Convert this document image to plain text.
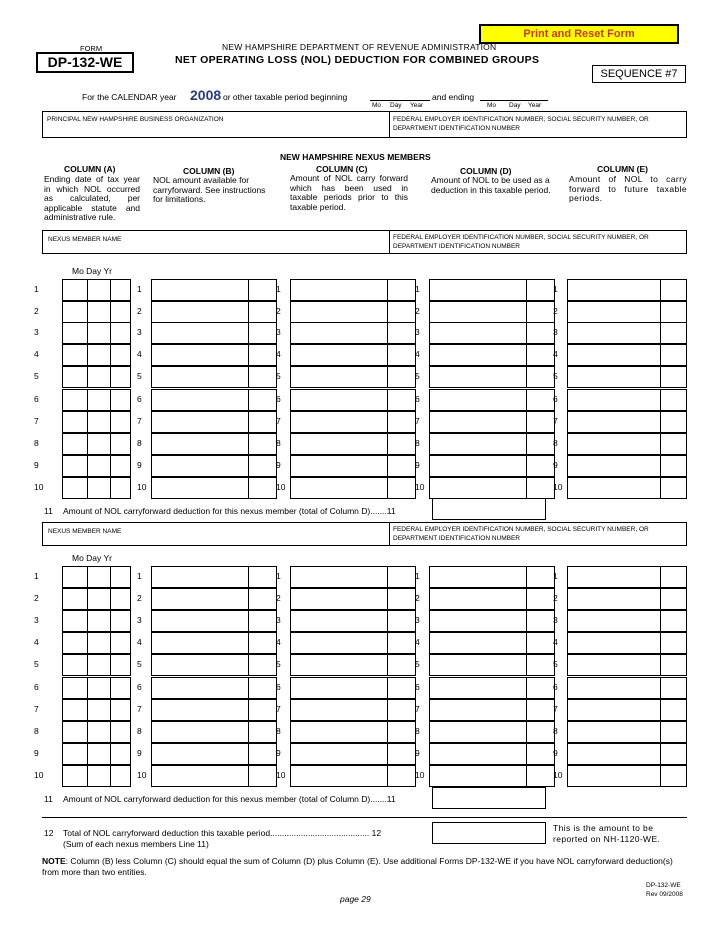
Print and Reset Form
FORM
DP-132-WE
NEW HAMPSHIRE DEPARTMENT OF REVENUE ADMINISTRATION
NET OPERATING LOSS (NOL) DEDUCTION FOR COMBINED GROUPS
SEQUENCE #7
For the CALENDAR year 2008 or other taxable period beginning
Mo Day Year
and ending
Mo Day Year
PRINCIPAL NEW HAMPSHIRE BUSINESS ORGANIZATION	FEDERAL EMPLOYER IDENTIFICATION NUMBER, SOCIAL SECURITY NUMBER, OR DEPARTMENT IDENTIFICATION NUMBER
NEW HAMPSHIRE NEXUS MEMBERS
COLUMN (A)
Ending date of tax year in which NOL occurred as calculated, per applicable statute and administrative rule.
COLUMN (B)
NOL amount available for carryforward. See instructions for limitations.
COLUMN (C)
Amount of NOL carry forward which has been used in taxable periods prior to this taxable period.
COLUMN (D)
Amount of NOL to be used as a deduction in this taxable period.
COLUMN (E)
Amount of NOL to carry forward to future taxable periods.
NEXUS MEMBER NAME	FEDERAL EMPLOYER IDENTIFICATION NUMBER, SOCIAL SECURITY NUMBER, OR DEPARTMENT IDENTIFICATION NUMBER
Mo Day Yr
1	1	1	1	1
2	2	2	2	2
3	3	3	3	3
4	4	4	4	4
5	5	5	5	5
6	6	6	6	6
7	7	7	7	7
8	8	8	8	8
9	9	9	9	9
10	10	10	10	10
11 Amount of NOL carryforward deduction for this nexus member (total of Column D).......11
NEXUS MEMBER NAME	FEDERAL EMPLOYER IDENTIFICATION NUMBER, SOCIAL SECURITY NUMBER, OR DEPARTMENT IDENTIFICATION NUMBER
Mo Day Yr
1	1	1	1	1
2	2	2	2	2
3	3	3	3	3
4	4	4	4	4
5	5	5	5	5
6	6	6	6	6
7	7	7	7	7
8	8	8	8	8
9	9	9	9	9
10	10	10	10	10
11 Amount of NOL carryforward deduction for this nexus member (total of Column D).......11
12 Total of NOL carryforward deduction this taxable period.......................................... 12
(Sum of each nexus members Line 11)
This is the amount to be reported on NH-1120-WE.
NOTE: Column (B) less Column (C) should equal the sum of Column (D) plus Column (E). Use additional Forms DP-132-WE if you have NOL carryforward deduction(s) from more than two entities.
page 29
DP-132-WE
Rev 09/2008
